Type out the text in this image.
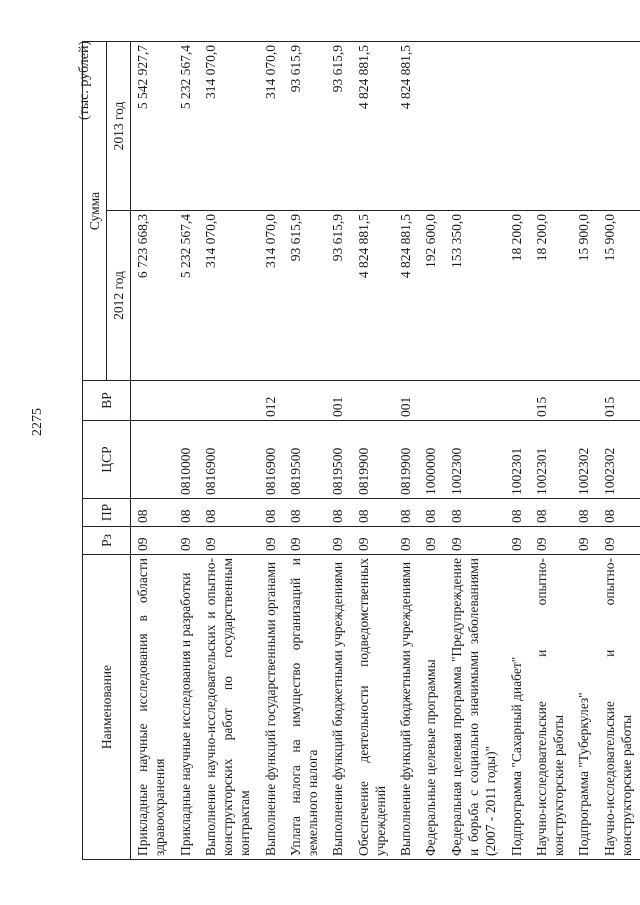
2275
(тыс. рублей)
Наименование	Рз	ПР	ЦСР	ВР	Сумма	
					2012 год	2013 год
Прикладные научные исследования в области здравоохранения	09	08			6 723 668,3	5 542 927,7
Прикладные научные исследования и разработки	09	08	0810000		5 232 567,4	5 232 567,4
Выполнение научно-исследовательских и опытно-конструкторских работ по государственным контрактам	09	08	0816900		314 070,0	314 070,0
Выполнение функций государственными органами	09	08	0816900	012	314 070,0	314 070,0
Уплата налога на имущество организаций и земельного налога	09	08	0819500		93 615,9	93 615,9
Выполнение функций бюджетными учреждениями	09	08	0819500	001	93 615,9	93 615,9
Обеспечение деятельности подведомственных учреждений	09	08	0819900		4 824 881,5	4 824 881,5
Выполнение функций бюджетными учреждениями	09	08	0819900	001	4 824 881,5	4 824 881,5
Федеральные целевые программы	09	08	1000000		192 600,0	
Федеральная целевая программа "Предупреждение и борьба с социально значимыми заболеваниями (2007 - 2011 годы)"	09	08	1002300		153 350,0	
Подпрограмма "Сахарный диабет"	09	08	1002301		18 200,0	
Научно-исследовательские и опытно-конструкторские работы	09	08	1002301	015	18 200,0	
Подпрограмма "Туберкулез"	09	08	1002302		15 900,0	
Научно-исследовательские и опытно-конструкторские работы	09	08	1002302	015	15 900,0	
